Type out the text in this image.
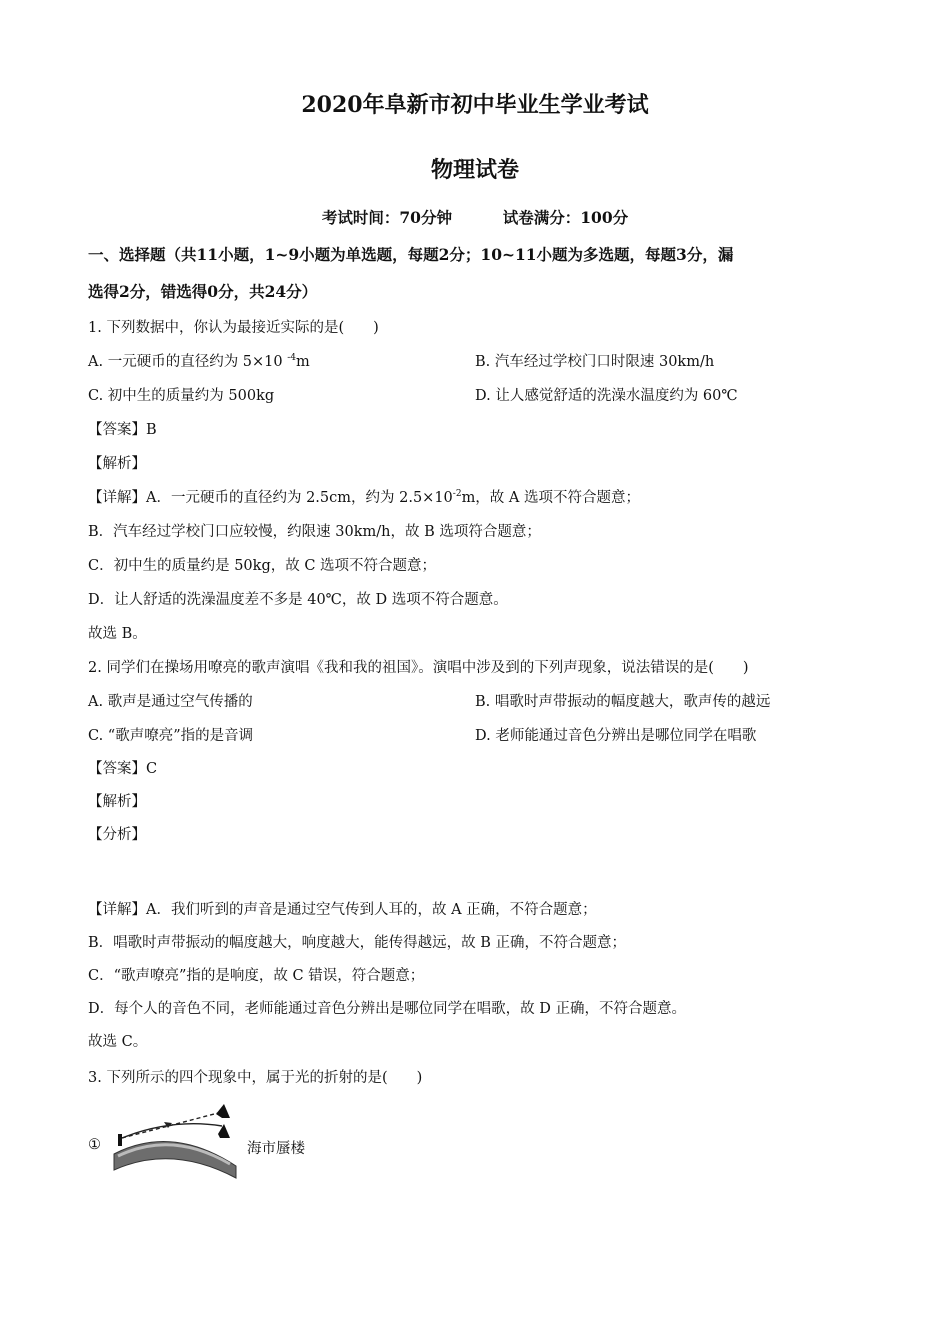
2020年阜新市初中毕业生学业考试
物理试卷
考试时间：70分钟	试卷满分：100分
一、选择题（共11小题，1~9小题为单选题，每题2分；10~11小题为多选题，每题3分，漏
选得2分，错选得0分，共24分）
1. 下列数据中，你认为最接近实际的是(　　)
A. 一元硬币的直径约为 5×10 $^{-4}$m	B. 汽车经过学校门口时限速 30km/h
C. 初中生的质量约为 500kg	D. 让人感觉舒适的洗澡水温度约为 60℃
【答案】B
【解析】
【详解】A．一元硬币的直径约为 2.5cm，约为 $2.5\times 10^{-2}m$，故 A 选项不符合题意；
B．汽车经过学校门口应较慢，约限速 30km/h，故 B 选项符合题意；
C．初中生的质量约是 50kg，故 C 选项不符合题意；
D．让人舒适的洗澡温度差不多是 40℃，故 D 选项不符合题意。
故选 B。
2. 同学们在操场用嘹亮的歌声演唱《我和我的祖国》。演唱中涉及到的下列声现象，说法错误的是(　　)
A. 歌声是通过空气传播的	B. 唱歌时声带振动的幅度越大，歌声传的越远
C. “歌声嘹亮”指的是音调	D. 老师能通过音色分辨出是哪位同学在唱歌
【答案】C
【解析】
【分析】
【详解】A．我们听到的声音是通过空气传到人耳的，故 A 正确，不符合题意；
B．唱歌时声带振动的幅度越大，响度越大，能传得越远，故 B 正确，不符合题意；
C．“歌声嘹亮”指的是响度，故 C 错误，符合题意；
D．每个人的音色不同，老师能通过音色分辨出是哪位同学在唱歌，故 D 正确，不符合题意。
故选 C。
3. 下列所示的四个现象中，属于光的折射的是(　　)
①	海市蜃楼
